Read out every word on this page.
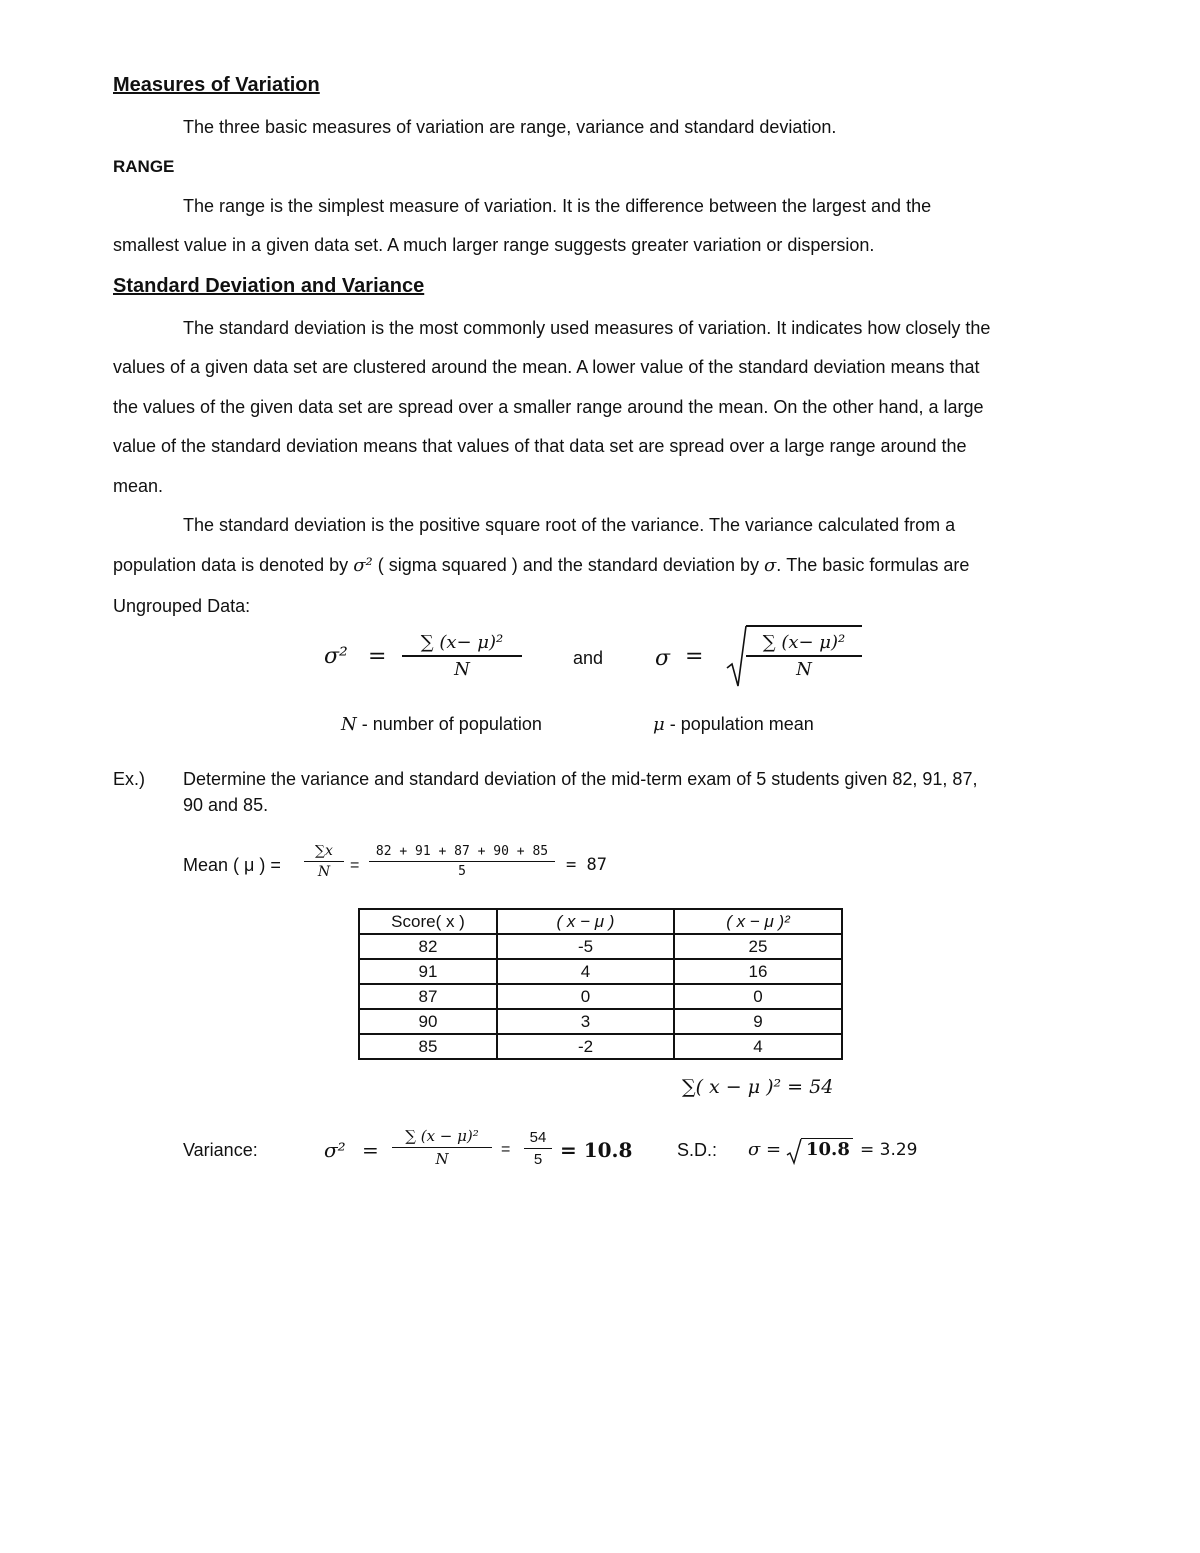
Measures of Variation
The three basic measures of variation are range, variance and standard deviation.
RANGE
The range is the simplest measure of variation. It is the difference between the largest and the
smallest value in a given data set. A much larger range suggests greater variation or dispersion.
Standard Deviation and Variance
The standard deviation is the most commonly used measures of variation. It indicates how closely the
values of a given data set are clustered around the mean. A lower value of the standard deviation means that
the values of the given data set are spread over a smaller range around the mean. On the other hand, a large
value of the standard deviation means that values of that data set are spread over a large range around the
mean.
The standard deviation is the positive square root of the variance. The variance calculated from a
population data is denoted by σ² ( sigma squared ) and the standard deviation by σ. The basic formulas are
Ungrouped Data:
σ² =
∑ (x− μ)²
N
and σ =
∑ (x− μ)²
N
N - number of population	μ - population mean
Ex.) Determine the variance and standard deviation of the mid-term exam of 5 students given 82, 91, 87,
90 and 85.
Mean ( μ ) =
∑x
N	=
82 + 91 + 87 + 90 + 85
5	= 87
Score( x )	( x − μ )	( x − μ )²
82	-5	25
91	4	16
87	0	0
90	3	9
85	-2	4
∑( x − μ )² = 54
Variance:	σ² =
∑ (x − μ)²
N
=
54
5 = 10.8 S.D.: σ = 10.8 = 3.29
